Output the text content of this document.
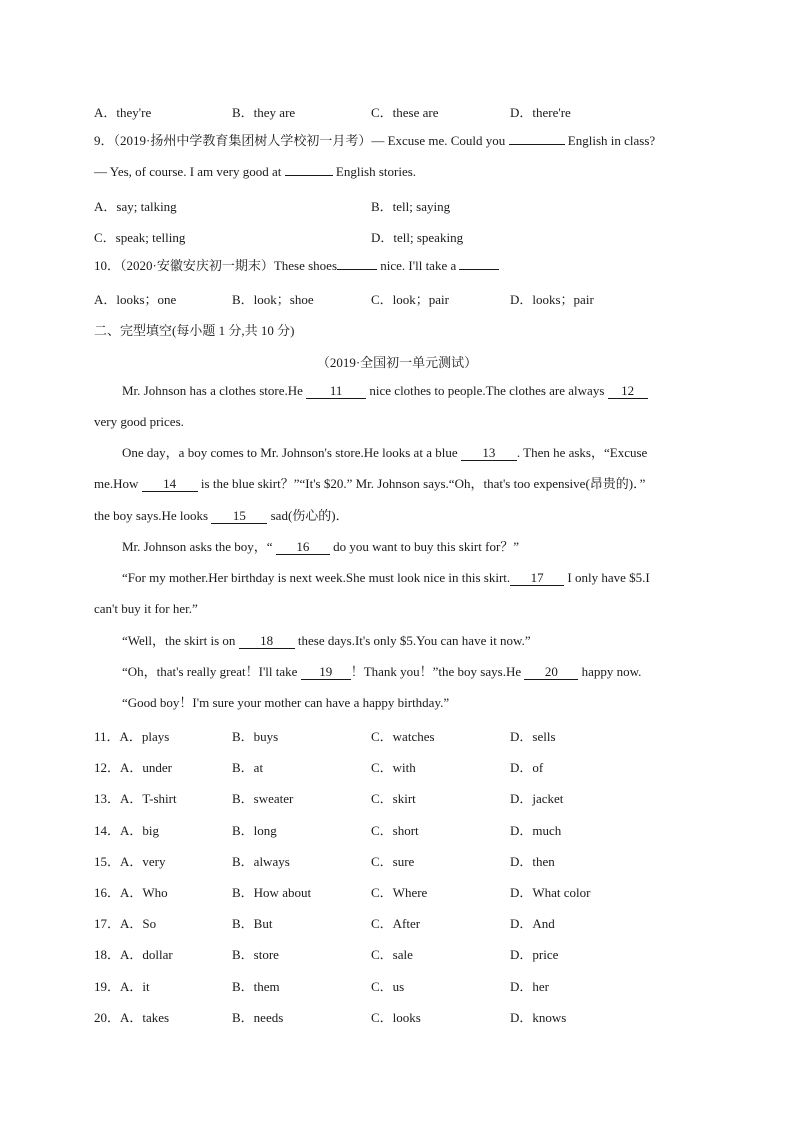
A．they're	B．they are	C．these are	D．there're
9．（2019·扬州中学教育集团树人学校初一月考）— Excuse me. Could you	English in class?
— Yes, of course. I am very good at	English stories.
A．say; talking	B．tell; saying
C．speak; telling	D．tell; speaking
10．（2020·安徽安庆初一期末）These shoes	nice. I'll take a
A．looks；one	B．look；shoe	C．look；pair	D．looks；pair
二、完型填空(每小题 1 分,共 10 分)
（2019·全国初一单元测试）
Mr. Johnson has a clothes store.He 11 nice clothes to people.The clothes are always 12
very good prices.
One day，a boy comes to Mr. Johnson's store.He looks at a blue 13 . Then he asks，“Excuse
me.How 14 is the blue skirt？”“It's $20.” Mr. Johnson says.“Oh，that's too expensive(昂贵的)．”
the boy says.He looks 15 sad(伤心的)．
Mr. Johnson asks the boy，“ 16 do you want to buy this skirt for？”
“For my mother.Her birthday is next week.She must look nice in this skirt. 17 I only have $5.I
can't buy it for her.”
“Well，the skirt is on 18 these days.It's only $5.You can have it now.”
“Oh，that's really great！I'll take 19 ！Thank you！”the boy says.He 20 happy now.
“Good boy！I'm sure your mother can have a happy birthday.”
11．A．plays	B．buys	C．watches	D．sells
12．A．under	B．at	C．with	D．of
13．A．T-shirt	B．sweater	C．skirt	D．jacket
14．A．big	B．long	C．short	D．much
15．A．very	B．always	C．sure	D．then
16．A．Who	B．How about	C．Where	D．What color
17．A．So	B．But	C．After	D．And
18．A．dollar	B．store	C．sale	D．price
19．A．it	B．them	C．us	D．her
20．A．takes	B．needs	C．looks	D．knows
